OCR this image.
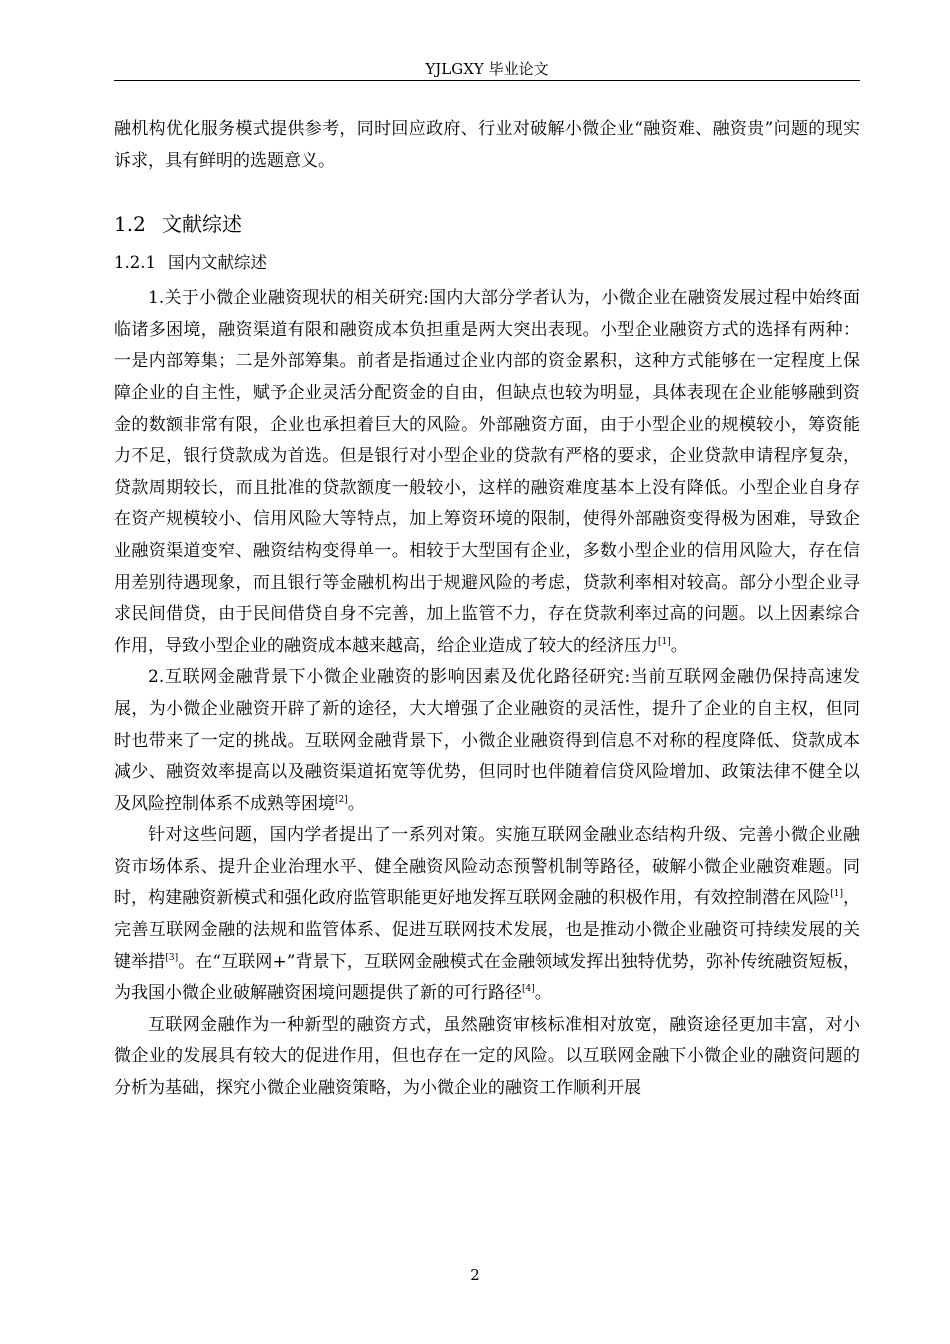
YJLGXY 毕业论文

融机构优化服务模式提供参考，同时回应政府、行业对破解小微企业“融资难、融资贵”问题的现实诉求，具有鲜明的选题意义。

1.2 文献综述
1.2.1 国内文献综述

1.关于小微企业融资现状的相关研究:国内大部分学者认为，小微企业在融资发展过程中始终面临诸多困境，融资渠道有限和融资成本负担重是两大突出表现。小型企业融资方式的选择有两种：一是内部筹集；二是外部筹集。前者是指通过企业内部的资金累积，这种方式能够在一定程度上保障企业的自主性，赋予企业灵活分配资金的自由，但缺点也较为明显，具体表现在企业能够融到资金的数额非常有限，企业也承担着巨大的风险。外部融资方面，由于小型企业的规模较小，筹资能力不足，银行贷款成为首选。但是银行对小型企业的贷款有严格的要求，企业贷款申请程序复杂，贷款周期较长，而且批准的贷款额度一般较小，这样的融资难度基本上没有降低。小型企业自身存在资产规模较小、信用风险大等特点，加上筹资环境的限制，使得外部融资变得极为困难，导致企业融资渠道变窄、融资结构变得单一。相较于大型国有企业，多数小型企业的信用风险大，存在信用差别待遇现象，而且银行等金融机构出于规避风险的考虑，贷款利率相对较高。部分小型企业寻求民间借贷，由于民间借贷自身不完善，加上监管不力，存在贷款利率过高的问题。以上因素综合作用，导致小型企业的融资成本越来越高，给企业造成了较大的经济压力[1]。

2.互联网金融背景下小微企业融资的影响因素及优化路径研究:当前互联网金融仍保持高速发展，为小微企业融资开辟了新的途径，大大增强了企业融资的灵活性，提升了企业的自主权，但同时也带来了一定的挑战。互联网金融背景下，小微企业融资得到信息不对称的程度降低、贷款成本减少、融资效率提高以及融资渠道拓宽等优势，但同时也伴随着信贷风险增加、政策法律不健全以及风险控制体系不成熟等困境[2]。

针对这些问题，国内学者提出了一系列对策。实施互联网金融业态结构升级、完善小微企业融资市场体系、提升企业治理水平、健全融资风险动态预警机制等路径，破解小微企业融资难题。同时，构建融资新模式和强化政府监管职能更好地发挥互联网金融的积极作用，有效控制潜在风险[1]，完善互联网金融的法规和监管体系、促进互联网技术发展，也是推动小微企业融资可持续发展的关键举措[3]。在“互联网+”背景下，互联网金融模式在金融领域发挥出独特优势，弥补传统融资短板，为我国小微企业破解融资困境问题提供了新的可行路径[4]。

互联网金融作为一种新型的融资方式，虽然融资审核标准相对放宽，融资途径更加丰富，对小微企业的发展具有较大的促进作用，但也存在一定的风险。以互联网金融下小微企业的融资问题的分析为基础，探究小微企业融资策略，为小微企业的融资工作顺利开展

2
